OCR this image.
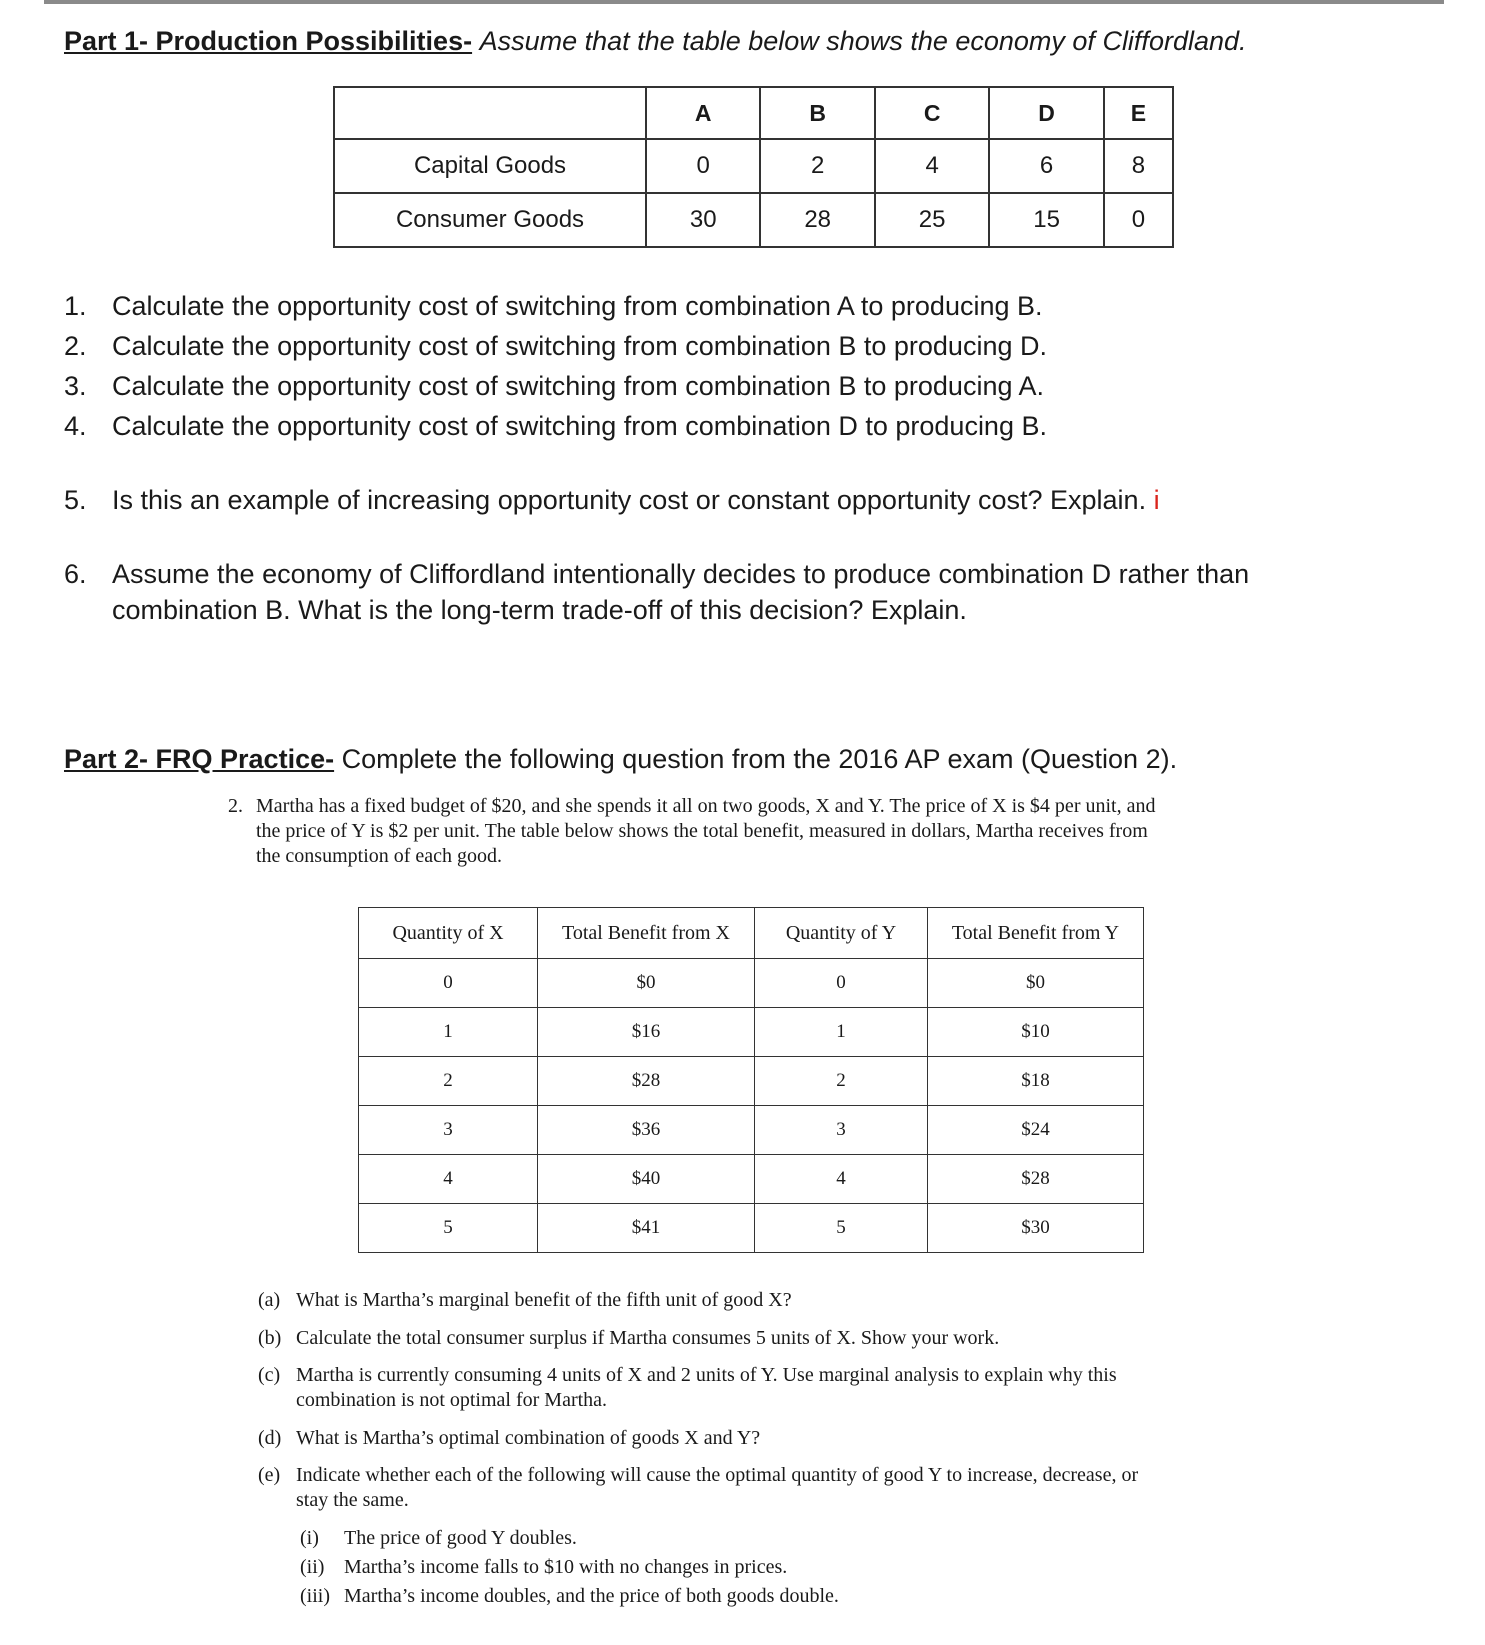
Part 1- Production Possibilities- Assume that the table below shows the economy of Cliffordland.
	A	B	C	D	E
Capital Goods	0	2	4	6	8
Consumer Goods	30	28	25	15	0
1. Calculate the opportunity cost of switching from combination A to producing B.
2. Calculate the opportunity cost of switching from combination B to producing D.
3. Calculate the opportunity cost of switching from combination B to producing A.
4. Calculate the opportunity cost of switching from combination D to producing B.
5. Is this an example of increasing opportunity cost or constant opportunity cost? Explain. i
6. Assume the economy of Cliffordland intentionally decides to produce combination D rather than
combination B. What is the long-term trade-off of this decision? Explain.
Part 2- FRQ Practice- Complete the following question from the 2016 AP exam (Question 2).
2. Martha has a fixed budget of $20, and she spends it all on two goods, X and Y. The price of X is $4 per unit, and
the price of Y is $2 per unit. The table below shows the total benefit, measured in dollars, Martha receives from
the consumption of each good.
Quantity of X	Total Benefit from X	Quantity of Y	Total Benefit from Y
0	$0	0	$0
1	$16	1	$10
2	$28	2	$18
3	$36	3	$24
4	$40	4	$28
5	$41	5	$30
(a) What is Martha’s marginal benefit of the fifth unit of good X?
(b) Calculate the total consumer surplus if Martha consumes 5 units of X. Show your work.
(c) Martha is currently consuming 4 units of X and 2 units of Y. Use marginal analysis to explain why this
combination is not optimal for Martha.
(d) What is Martha’s optimal combination of goods X and Y?
(e) Indicate whether each of the following will cause the optimal quantity of good Y to increase, decrease, or
stay the same.
(i) The price of good Y doubles.
(ii) Martha’s income falls to $10 with no changes in prices.
(iii) Martha’s income doubles, and the price of both goods double.
